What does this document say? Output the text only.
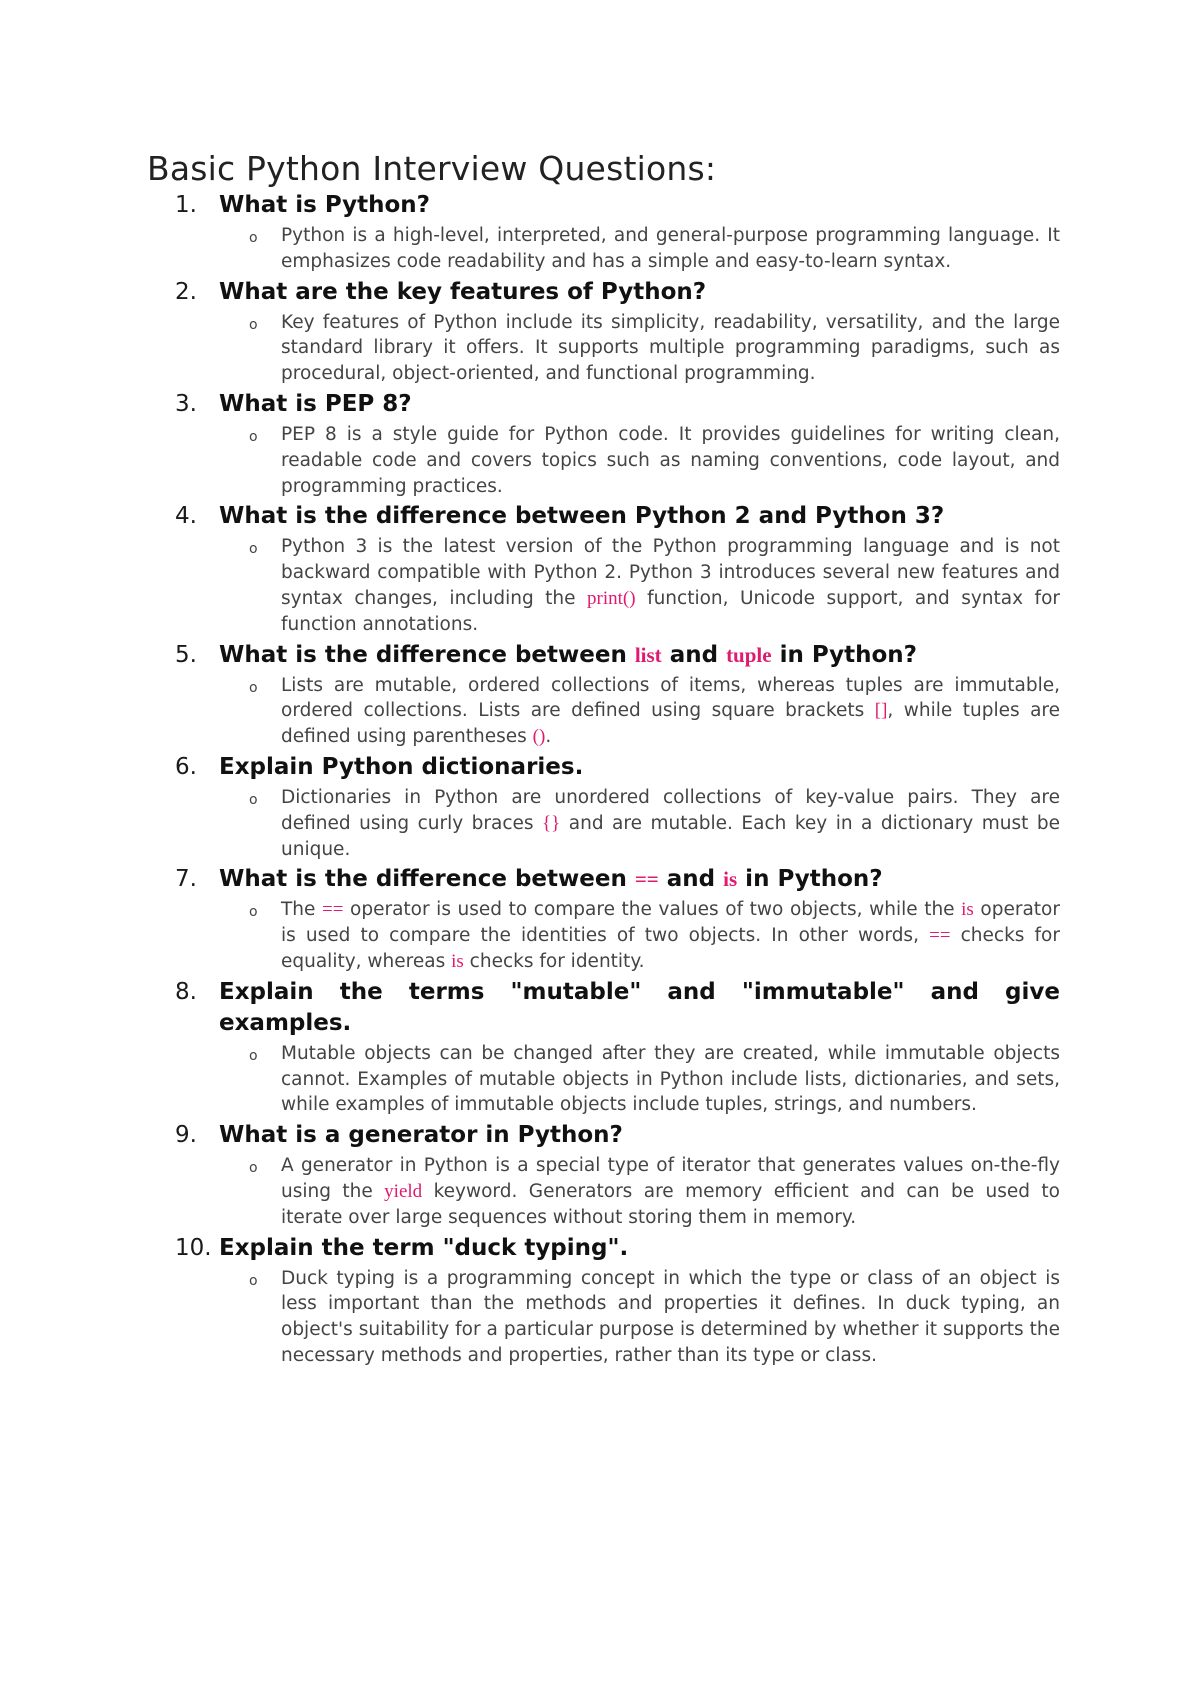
Basic Python Interview Questions:
1. What is Python?
o	Python is a high-level, interpreted, and general-purpose programming language. It emphasizes code readability and has a simple and easy-to-learn syntax.

2. What are the key features of Python?
o	Key features of Python include its simplicity, readability, versatility, and the large standard library it offers. It supports multiple programming paradigms, such as procedural, object-oriented, and functional programming.

3. What is PEP 8?
o	PEP 8 is a style guide for Python code. It provides guidelines for writing clean, readable code and covers topics such as naming conventions, code layout, and programming practices.

4. What is the difference between Python 2 and Python 3?
o	Python 3 is the latest version of the Python programming language and is not backward compatible with Python 2. Python 3 introduces several new features and syntax changes, including the print() function, Unicode support, and syntax for function annotations.

5. What is the difference between list and tuple in Python?
o	Lists are mutable, ordered collections of items, whereas tuples are immutable, ordered collections. Lists are defined using square brackets [], while tuples are defined using parentheses ().

6. Explain Python dictionaries.
o	Dictionaries in Python are unordered collections of key-value pairs. They are defined using curly braces {} and are mutable. Each key in a dictionary must be unique.

7. What is the difference between == and is in Python?
o	The == operator is used to compare the values of two objects, while the is operator is used to compare the identities of two objects. In other words, == checks for equality, whereas is checks for identity.

8. Explain the terms "mutable" and "immutable" and give examples.
o	Mutable objects can be changed after they are created, while immutable objects cannot. Examples of mutable objects in Python include lists, dictionaries, and sets, while examples of immutable objects include tuples, strings, and numbers.

9. What is a generator in Python?
o	A generator in Python is a special type of iterator that generates values on-the-fly using the yield keyword. Generators are memory efficient and can be used to iterate over large sequences without storing them in memory.

10. Explain the term "duck typing".
o	Duck typing is a programming concept in which the type or class of an object is less important than the methods and properties it defines. In duck typing, an object's suitability for a particular purpose is determined by whether it supports the necessary methods and properties, rather than its type or class.
